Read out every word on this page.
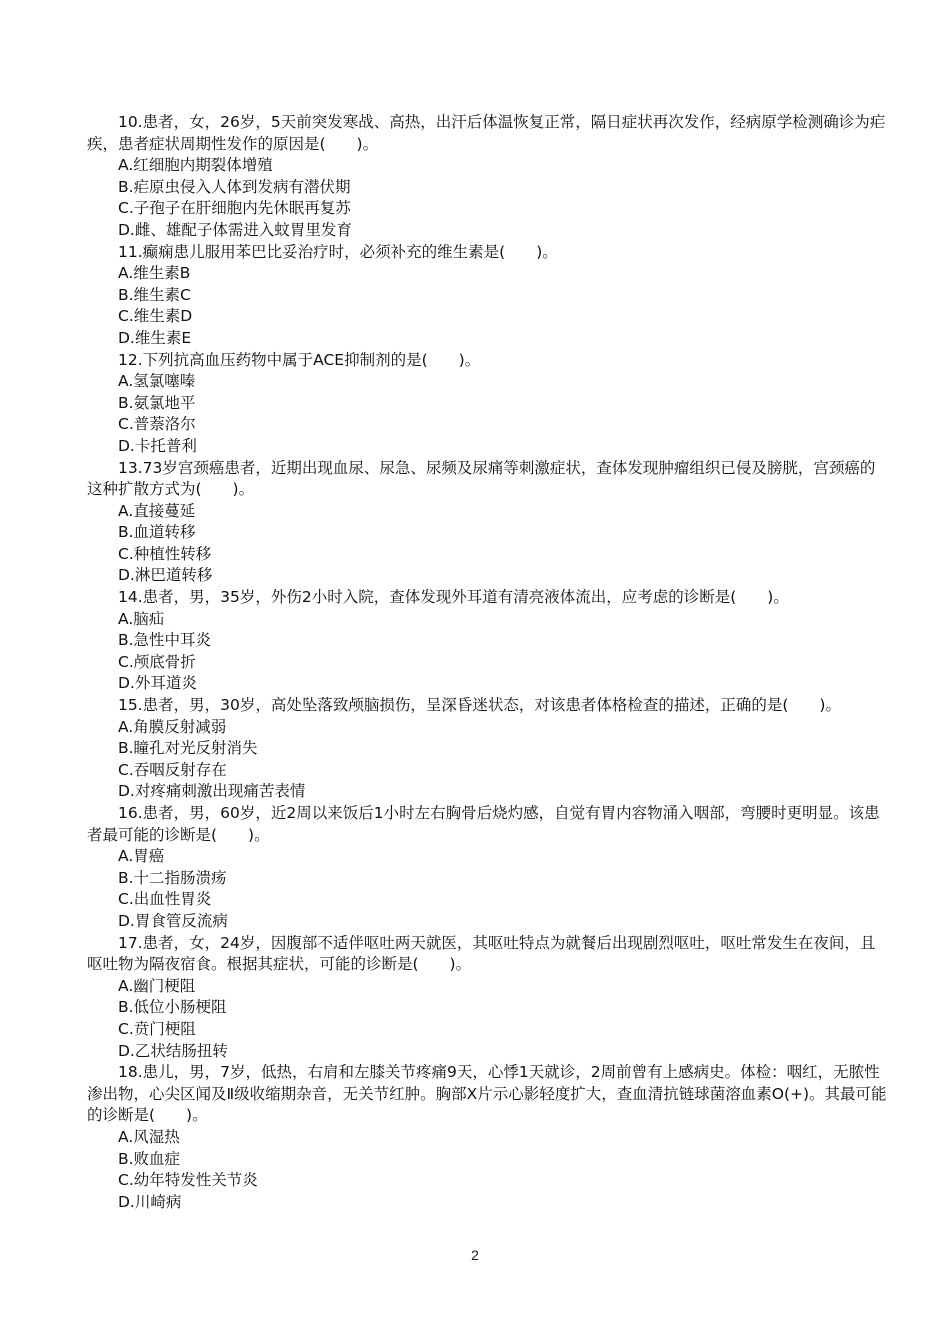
10.患者，女，26岁，5天前突发寒战、高热，出汗后体温恢复正常，隔日症状再次发作，经病原学检测确诊为疟疾，患者症状周期性发作的原因是(　　)。

A.红细胞内期裂体增殖

B.疟原虫侵入人体到发病有潜伏期

C.子孢子在肝细胞内先休眠再复苏

D.雌、雄配子体需进入蚊胃里发育

11.癫痫患儿服用苯巴比妥治疗时，必须补充的维生素是(　　)。

A.维生素B

B.维生素C

C.维生素D

D.维生素E

12.下列抗高血压药物中属于ACE抑制剂的是(　　)。

A.氢氯噻嗪

B.氨氯地平

C.普萘洛尔

D.卡托普利

13.73岁宫颈癌患者，近期出现血尿、尿急、尿频及尿痛等刺激症状，查体发现肿瘤组织已侵及膀胱，宫颈癌的这种扩散方式为(　　)。

A.直接蔓延

B.血道转移

C.种植性转移

D.淋巴道转移

14.患者，男，35岁，外伤2小时入院，查体发现外耳道有清亮液体流出，应考虑的诊断是(　　)。

A.脑疝

B.急性中耳炎

C.颅底骨折

D.外耳道炎

15.患者，男，30岁，高处坠落致颅脑损伤，呈深昏迷状态，对该患者体格检查的描述，正确的是(　　)。

A.角膜反射减弱

B.瞳孔对光反射消失

C.吞咽反射存在

D.对疼痛刺激出现痛苦表情

16.患者，男，60岁，近2周以来饭后1小时左右胸骨后烧灼感，自觉有胃内容物涌入咽部，弯腰时更明显。该患者最可能的诊断是(　　)。

A.胃癌

B.十二指肠溃疡

C.出血性胃炎

D.胃食管反流病

17.患者，女，24岁，因腹部不适伴呕吐两天就医，其呕吐特点为就餐后出现剧烈呕吐，呕吐常发生在夜间，且呕吐物为隔夜宿食。根据其症状，可能的诊断是(　　)。

A.幽门梗阻

B.低位小肠梗阻

C.贲门梗阻

D.乙状结肠扭转

18.患儿，男，7岁，低热，右肩和左膝关节疼痛9天，心悸1天就诊，2周前曾有上感病史。体检：咽红，无脓性渗出物，心尖区闻及Ⅱ级收缩期杂音，无关节红肿。胸部X片示心影轻度扩大，查血清抗链球菌溶血素O(+)。其最可能的诊断是(　　)。

A.风湿热

B.败血症

C.幼年特发性关节炎

D.川崎病

2
